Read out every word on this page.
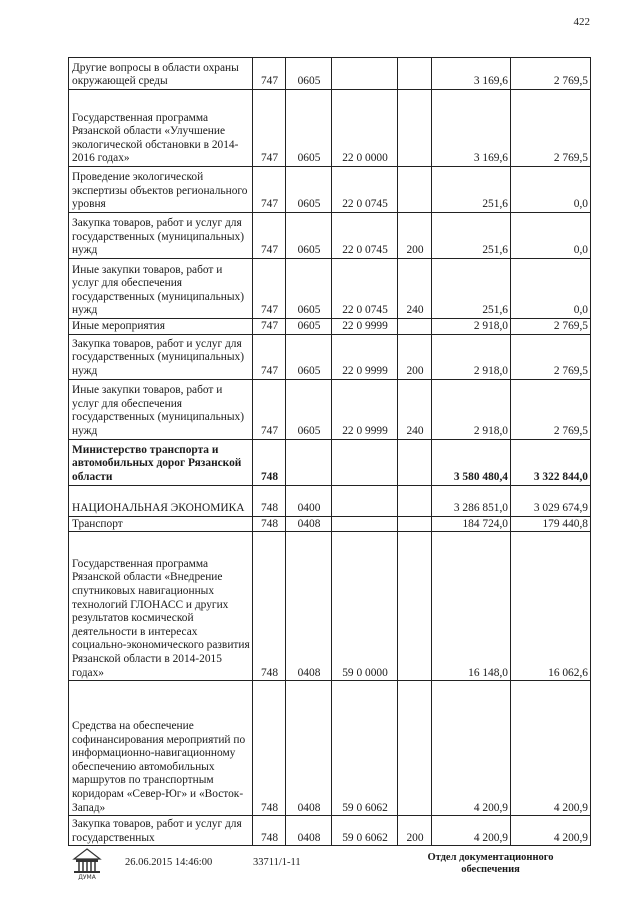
422
Другие вопросы в области охраны окружающей среды	747	0605			3 169,6	2 769,5
Государственная программа Рязанской области «Улучшение экологической обстановки в 2014-2016 годах»	747	0605	22 0 0000		3 169,6	2 769,5
Проведение экологической экспертизы объектов регионального уровня	747	0605	22 0 0745		251,6	0,0
Закупка товаров, работ и услуг для государственных (муниципальных) нужд	747	0605	22 0 0745	200	251,6	0,0
Иные закупки товаров, работ и услуг для обеспечения государственных (муниципальных) нужд	747	0605	22 0 0745	240	251,6	0,0
Иные мероприятия	747	0605	22 0 9999		2 918,0	2 769,5
Закупка товаров, работ и услуг для государственных (муниципальных) нужд	747	0605	22 0 9999	200	2 918,0	2 769,5
Иные закупки товаров, работ и услуг для обеспечения государственных (муниципальных) нужд	747	0605	22 0 9999	240	2 918,0	2 769,5
Министерство транспорта и автомобильных дорог Рязанской области	748				3 580 480,4	3 322 844,0
НАЦИОНАЛЬНАЯ ЭКОНОМИКА	748	0400			3 286 851,0	3 029 674,9
Транспорт	748	0408			184 724,0	179 440,8
Государственная программа Рязанской области «Внедрение спутниковых навигационных технологий ГЛОНАСС и других результатов космической деятельности в интересах социально-экономического развития Рязанской области в 2014-2015 годах»	748	0408	59 0 0000		16 148,0	16 062,6
Средства на обеспечение софинансирования мероприятий по информационно-навигационному обеспечению автомобильных маршрутов по транспортным коридорам «Север-Юг» и «Восток-Запад»	748	0408	59 0 6062		4 200,9	4 200,9
Закупка товаров, работ и услуг для государственных	748	0408	59 0 6062	200	4 200,9	4 200,9
ДУМА
26.06.2015 14:46:00	33711/1-11	Отдел документационного обеспечения
